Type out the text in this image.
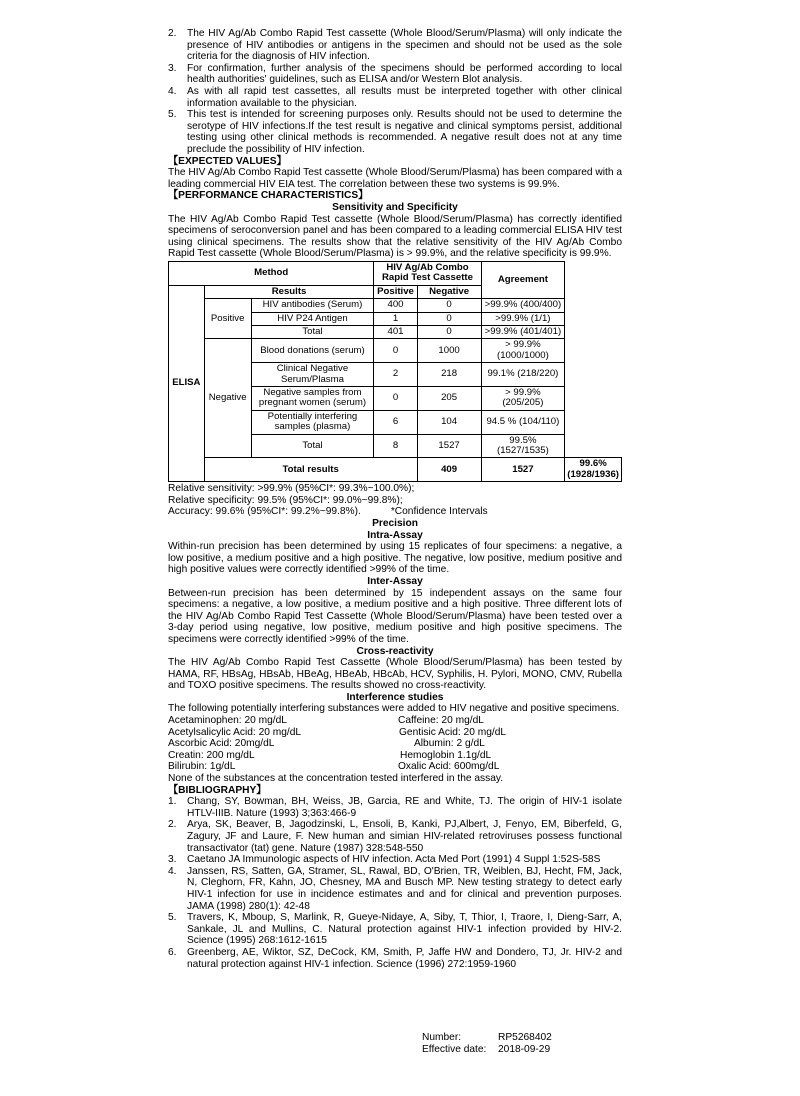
2. The HIV Ag/Ab Combo Rapid Test cassette (Whole Blood/Serum/Plasma) will only indicate the presence of HIV antibodies or antigens in the specimen and should not be used as the sole criteria for the diagnosis of HIV infection.
3. For confirmation, further analysis of the specimens should be performed according to local health authorities' guidelines, such as ELISA and/or Western Blot analysis.
4. As with all rapid test cassettes, all results must be interpreted together with other clinical information available to the physician.
5. This test is intended for screening purposes only. Results should not be used to determine the serotype of HIV infections.If the test result is negative and clinical symptoms persist, additional testing using other clinical methods is recommended. A negative result does not at any time preclude the possibility of HIV infection.
【EXPECTED VALUES】

The HIV Ag/Ab Combo Rapid Test cassette (Whole Blood/Serum/Plasma) has been compared with a leading commercial HIV EIA test. The correlation between these two systems is 99.9%.

【PERFORMANCE CHARACTERISTICS】
Sensitivity and Specificity

The HIV Ag/Ab Combo Rapid Test cassette (Whole Blood/Serum/Plasma) has correctly identified specimens of seroconversion panel and has been compared to a leading commercial ELISA HIV test using clinical specimens. The results show that the relative sensitivity of the HIV Ag/Ab Combo Rapid Test cassette (Whole Blood/Serum/Plasma) is > 99.9%, and the relative specificity is 99.9%.

Method			HIV Ag/Ab Combo Rapid Test Cassette		Agreement	
ELISA	Results		Positive	Negative		
	Positive	HIV antibodies (Serum)	400	0	>99.9% (400/400)	
		HIV P24 Antigen	1	0	>99.9% (1/1)	
		Total	401	0	>99.9% (401/401)	
	Negative	Blood donations (serum)	0	1000	> 99.9% (1000/1000)	
		Clinical Negative Serum/Plasma	2	218	99.1% (218/220)	
		Negative samples from pregnant women (serum)	0	205	> 99.9% (205/205)	
		Potentially interfering samples (plasma)	6	104	94.5 % (104/110)	
		Total	8	1527	99.5% (1527/1535)	
	Total results			409	1527	99.6% (1928/1936)
Relative sensitivity: >99.9% (95%CI*: 99.3%~100.0%);
Relative specificity: 99.5% (95%CI*: 99.0%~99.8%);
Accuracy: 99.6% (95%CI*: 99.2%~99.8%).	*Confidence Intervals
Precision
Intra-Assay

Within-run precision has been determined by using 15 replicates of four specimens: a negative, a low positive, a medium positive and a high positive. The negative, low positive, medium positive and high positive values were correctly identified >99% of the time.

Inter-Assay

Between-run precision has been determined by 15 independent assays on the same four specimens: a negative, a low positive, a medium positive and a high positive. Three different lots of the HIV Ag/Ab Combo Rapid Test Cassette (Whole Blood/Serum/Plasma) have been tested over a 3-day period using negative, low positive, medium positive and high positive specimens. The specimens were correctly identified >99% of the time.

Cross-reactivity

The HIV Ag/Ab Combo Rapid Test Cassette (Whole Blood/Serum/Plasma) has been tested by HAMA, RF, HBsAg, HBsAb, HBeAg, HBeAb, HBcAb, HCV, Syphilis, H. Pylori, MONO, CMV, Rubella and TOXO positive specimens. The results showed no cross-reactivity.

Interference studies

The following potentially interfering substances were added to HIV negative and positive specimens.

Acetaminophen: 20 mg/dL
Acetylsalicylic Acid: 20 mg/dL
Ascorbic Acid: 20mg/dL
Creatin: 200 mg/dL
Bilirubin: 1g/dL
Caffeine: 20 mg/dL
Gentisic Acid: 20 mg/dL
Albumin: 2 g/dL
Hemoglobin 1.1g/dL
Oxalic Acid: 600mg/dL
None of the substances at the concentration tested interfered in the assay.
【BIBLIOGRAPHY】
1. Chang, SY, Bowman, BH, Weiss, JB, Garcia, RE and White, TJ. The origin of HIV-1 isolate HTLV-IIIB. Nature (1993) 3;363:466-9
2. Arya, SK, Beaver, B, Jagodzinski, L, Ensoli, B, Kanki, PJ,Albert, J, Fenyo, EM, Biberfeld, G, Zagury, JF and Laure, F. New human and simian HIV-related retroviruses possess functional transactivator (tat) gene. Nature (1987) 328:548-550
3. Caetano JA Immunologic aspects of HIV infection. Acta Med Port (1991) 4 Suppl 1:52S-58S
4. Janssen, RS, Satten, GA, Stramer, SL, Rawal, BD, O'Brien, TR, Weiblen, BJ, Hecht, FM, Jack, N, Cleghorn, FR, Kahn, JO, Chesney, MA and Busch MP. New testing strategy to detect early HIV-1 infection for use in incidence estimates and and for clinical and prevention purposes. JAMA (1998) 280(1): 42-48
5. Travers, K, Mboup, S, Marlink, R, Gueye-Nidaye, A, Siby, T, Thior, I, Traore, I, Dieng-Sarr, A, Sankale, JL and Mullins, C. Natural protection against HIV-1 infection provided by HIV-2. Science (1995) 268:1612-1615
6. Greenberg, AE, Wiktor, SZ, DeCock, KM, Smith, P, Jaffe HW and Dondero, TJ, Jr. HIV-2 and natural protection against HIV-1 infection. Science (1996) 272:1959-1960
Number:	RP5268402
Effective date: 2018-09-29
